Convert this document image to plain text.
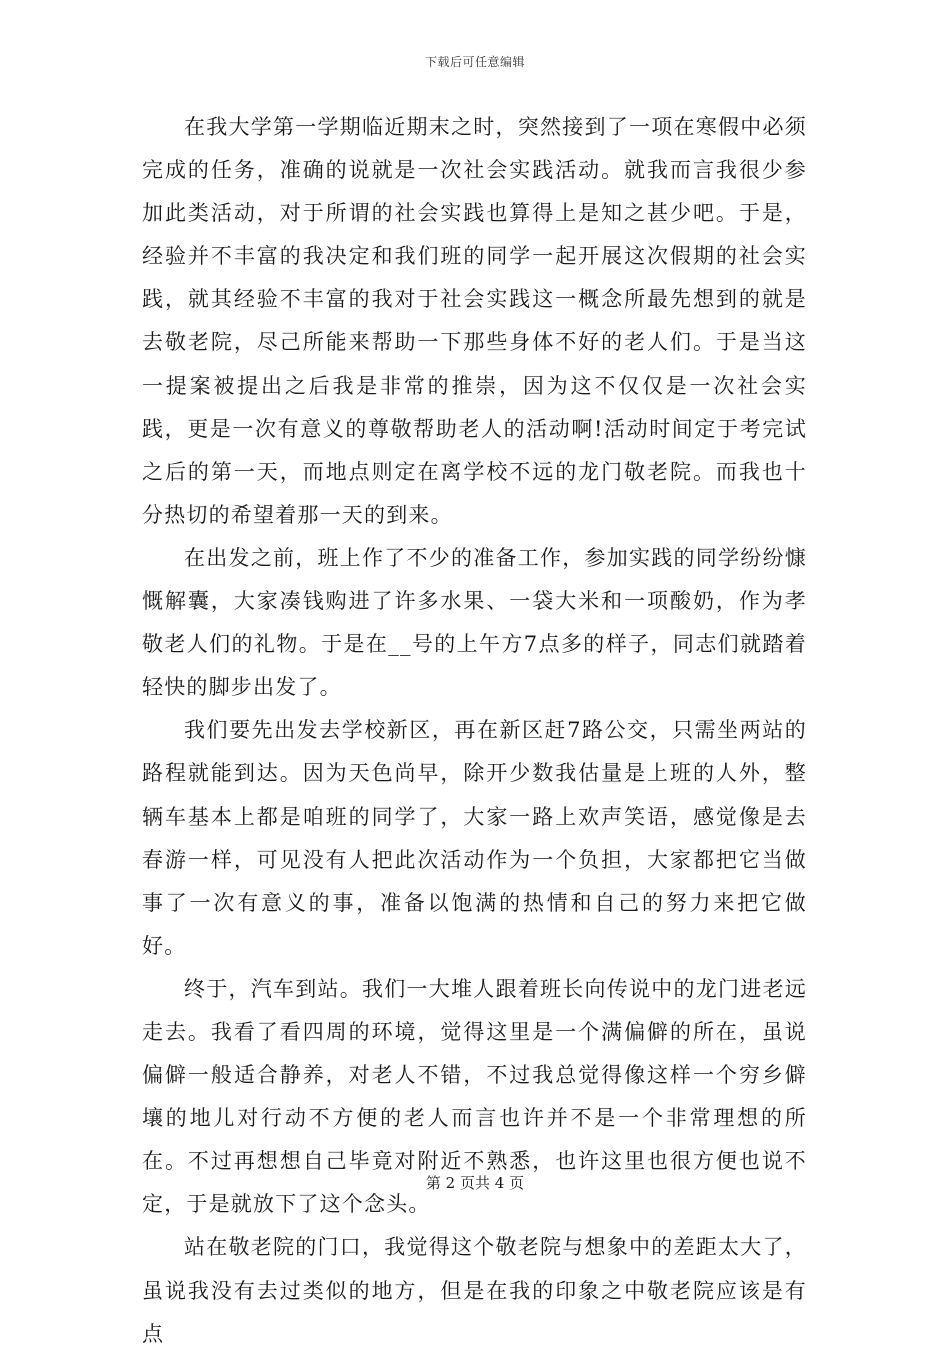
下载后可任意编辑

在我大学第一学期临近期末之时，突然接到了一项在寒假中必须完成的任务，准确的说就是一次社会实践活动。就我而言我很少参加此类活动，对于所谓的社会实践也算得上是知之甚少吧。于是，经验并不丰富的我决定和我们班的同学一起开展这次假期的社会实践，就其经验不丰富的我对于社会实践这一概念所最先想到的就是去敬老院，尽己所能来帮助一下那些身体不好的老人们。于是当这一提案被提出之后我是非常的推崇，因为这不仅仅是一次社会实践，更是一次有意义的尊敬帮助老人的活动啊!活动时间定于考完试之后的第一天，而地点则定在离学校不远的龙门敬老院。而我也十分热切的希望着那一天的到来。

在出发之前，班上作了不少的准备工作，参加实践的同学纷纷慷慨解囊，大家凑钱购进了许多水果、一袋大米和一项酸奶，作为孝敬老人们的礼物。于是在__号的上午方7点多的样子，同志们就踏着轻快的脚步出发了。

我们要先出发去学校新区，再在新区赶7路公交，只需坐两站的路程就能到达。因为天色尚早，除开少数我估量是上班的人外，整辆车基本上都是咱班的同学了，大家一路上欢声笑语，感觉像是去春游一样，可见没有人把此次活动作为一个负担，大家都把它当做事了一次有意义的事，准备以饱满的热情和自己的努力来把它做好。

终于，汽车到站。我们一大堆人跟着班长向传说中的龙门进老远走去。我看了看四周的环境，觉得这里是一个满偏僻的所在，虽说偏僻一般适合静养，对老人不错，不过我总觉得像这样一个穷乡僻壤的地儿对行动不方便的老人而言也许并不是一个非常理想的所在。不过再想想自己毕竟对附近不熟悉，也许这里也很方便也说不定，于是就放下了这个念头。

站在敬老院的门口，我觉得这个敬老院与想象中的差距太大了，虽说我没有去过类似的地方，但是在我的印象之中敬老院应该是有点

第 2 页共 4 页
